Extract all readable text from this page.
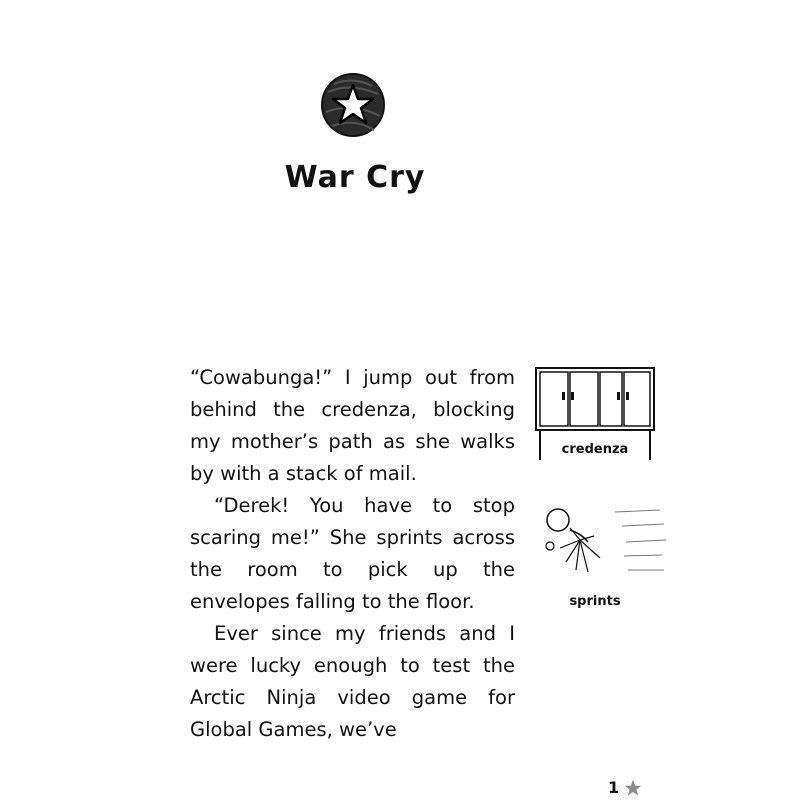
War Cry

“Cowabunga!” I jump out from behind the credenza, blocking my mother’s path as she walks by with a stack of mail.

“Derek! You have to stop scaring me!” She sprints across the room to pick up the envelopes falling to the floor.

Ever since my friends and I were lucky enough to test the Arctic Ninja video game for Global Games, we’ve

credenza
sprints
1
